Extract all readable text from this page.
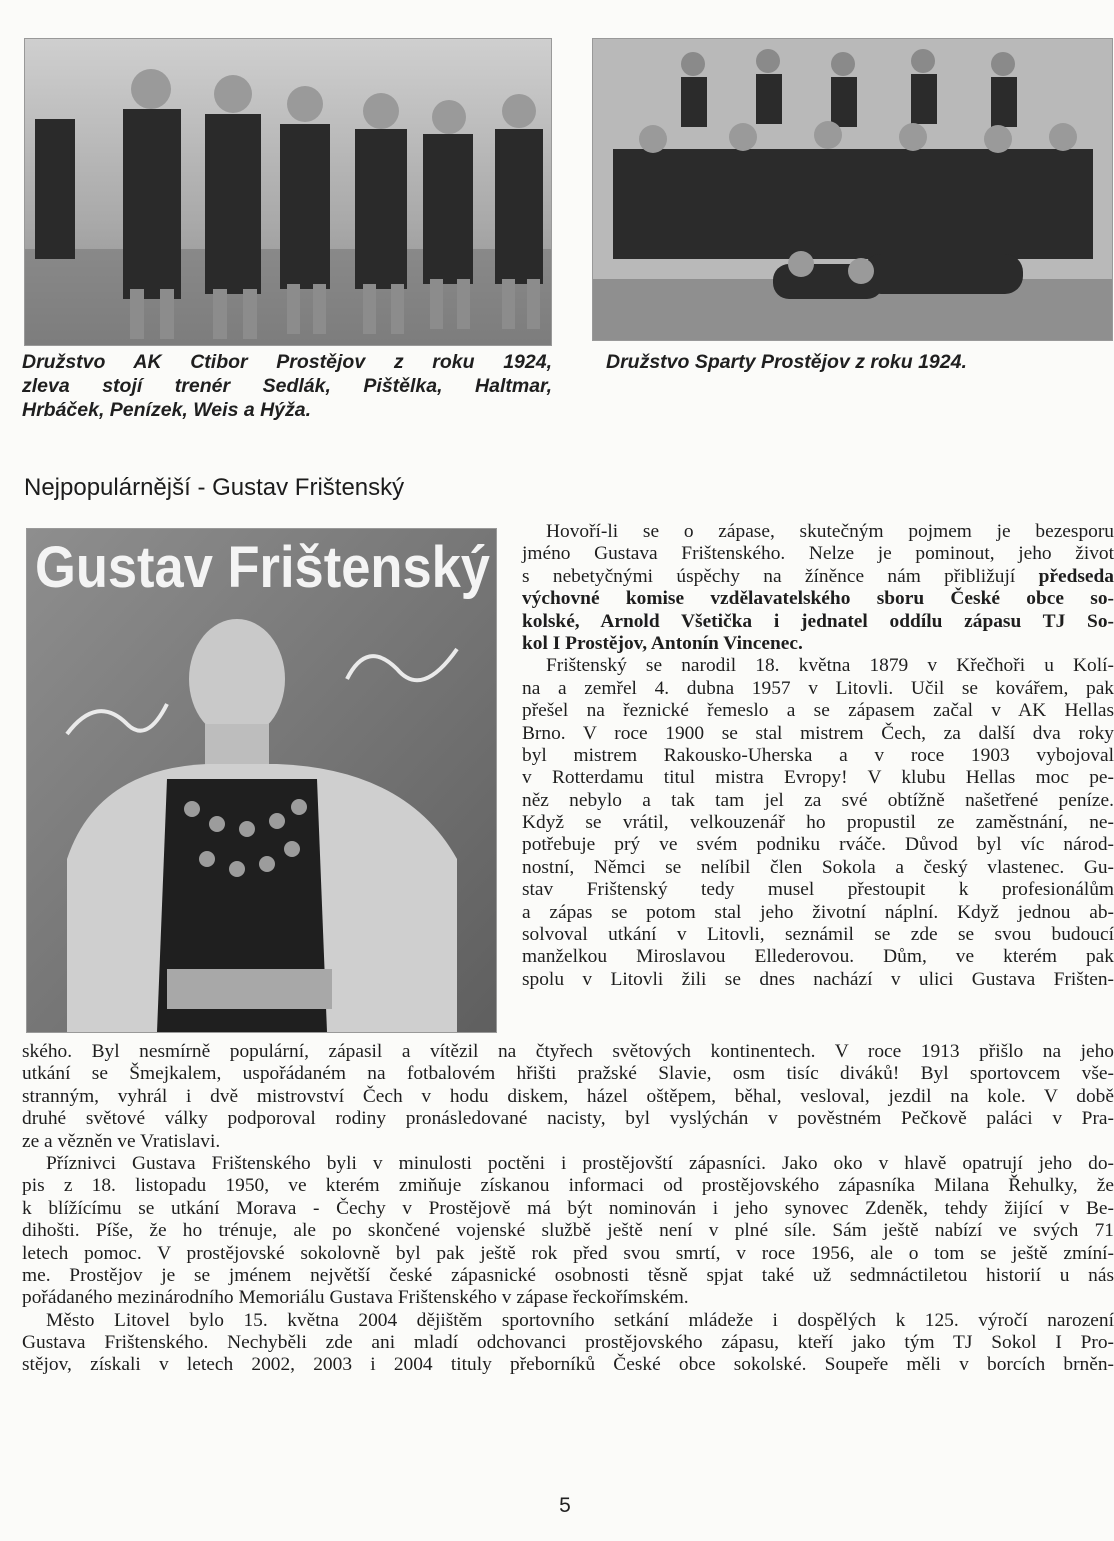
Družstvo AK Ctibor Prostějov z roku 1924,
zleva stojí trenér Sedlák, Pištělka, Haltmar,
Hrbáček, Penízek, Weis a Hýža.
Družstvo Sparty Prostějov z roku 1924.
Nejpopulárnější - Gustav Frištenský
Gustav Frištenský
Hovoří-li se o zápase, skutečným pojmem je bezesporu
jméno Gustava Frištenského. Nelze je pominout, jeho život
s nebetyčnými úspěchy na žíněnce nám přibližují předseda
výchovné komise vzdělavatelského sboru České obce so-
kolské, Arnold Všetička i jednatel oddílu zápasu TJ So-
kol I Prostějov, Antonín Vincenec.
Frištenský se narodil 18. května 1879 v Křečhoři u Kolí-
na a zemřel 4. dubna 1957 v Litovli. Učil se kovářem, pak
přešel na řeznické řemeslo a se zápasem začal v AK Hellas
Brno. V roce 1900 se stal mistrem Čech, za další dva roky
byl mistrem Rakousko-Uherska a v roce 1903 vybojoval
v Rotterdamu titul mistra Evropy! V klubu Hellas moc pe-
něz nebylo a tak tam jel za své obtížně našetřené peníze.
Když se vrátil, velkouzenář ho propustil ze zaměstnání, ne-
potřebuje prý ve svém podniku rváče. Důvod byl víc národ-
nostní, Němci se nelíbil člen Sokola a český vlastenec. Gu-
stav Frištenský tedy musel přestoupit k profesionálům
a zápas se potom stal jeho životní náplní. Když jednou ab-
solvoval utkání v Litovli, seznámil se zde se svou budoucí
manželkou Miroslavou Ellederovou. Dům, ve kterém pak
spolu v Litovli žili se dnes nachází v ulici Gustava Frišten-
ského. Byl nesmírně populární, zápasil a vítězil na čtyřech světových kontinentech. V roce 1913 přišlo na jeho
utkání se Šmejkalem, uspořádaném na fotbalovém hřišti pražské Slavie, osm tisíc diváků! Byl sportovcem vše-
stranným, vyhrál i dvě mistrovství Čech v hodu diskem, házel oštěpem, běhal, vesloval, jezdil na kole. V době
druhé světové války podporoval rodiny pronásledované nacisty, byl vyslýchán v pověstném Pečkově paláci v Pra-
ze a vězněn ve Vratislavi.
Příznivci Gustava Frištenského byli v minulosti poctěni i prostějovští zápasníci. Jako oko v hlavě opatrují jeho do-
pis z 18. listopadu 1950, ve kterém zmiňuje získanou informaci od prostějovského zápasníka Milana Řehulky, že
k blížícímu se utkání Morava - Čechy v Prostějově má být nominován i jeho synovec Zdeněk, tehdy žijící v Be-
dihošti. Píše, že ho trénuje, ale po skončené vojenské službě ještě není v plné síle. Sám ještě nabízí ve svých 71
letech pomoc. V prostějovské sokolovně byl pak ještě rok před svou smrtí, v roce 1956, ale o tom se ještě zmíní-
me. Prostějov je se jménem největší české zápasnické osobnosti těsně spjat také už sedmnáctiletou historií u nás
pořádaného mezinárodního Memoriálu Gustava Frištenského v zápase řeckořímském.
Město Litovel bylo 15. května 2004 dějištěm sportovního setkání mládeže i dospělých k 125. výročí narození
Gustava Frištenského. Nechyběli zde ani mladí odchovanci prostějovského zápasu, kteří jako tým TJ Sokol I Pro-
stějov, získali v letech 2002, 2003 i 2004 tituly přeborníků České obce sokolské. Soupeře měli v borcích brněn-
5
